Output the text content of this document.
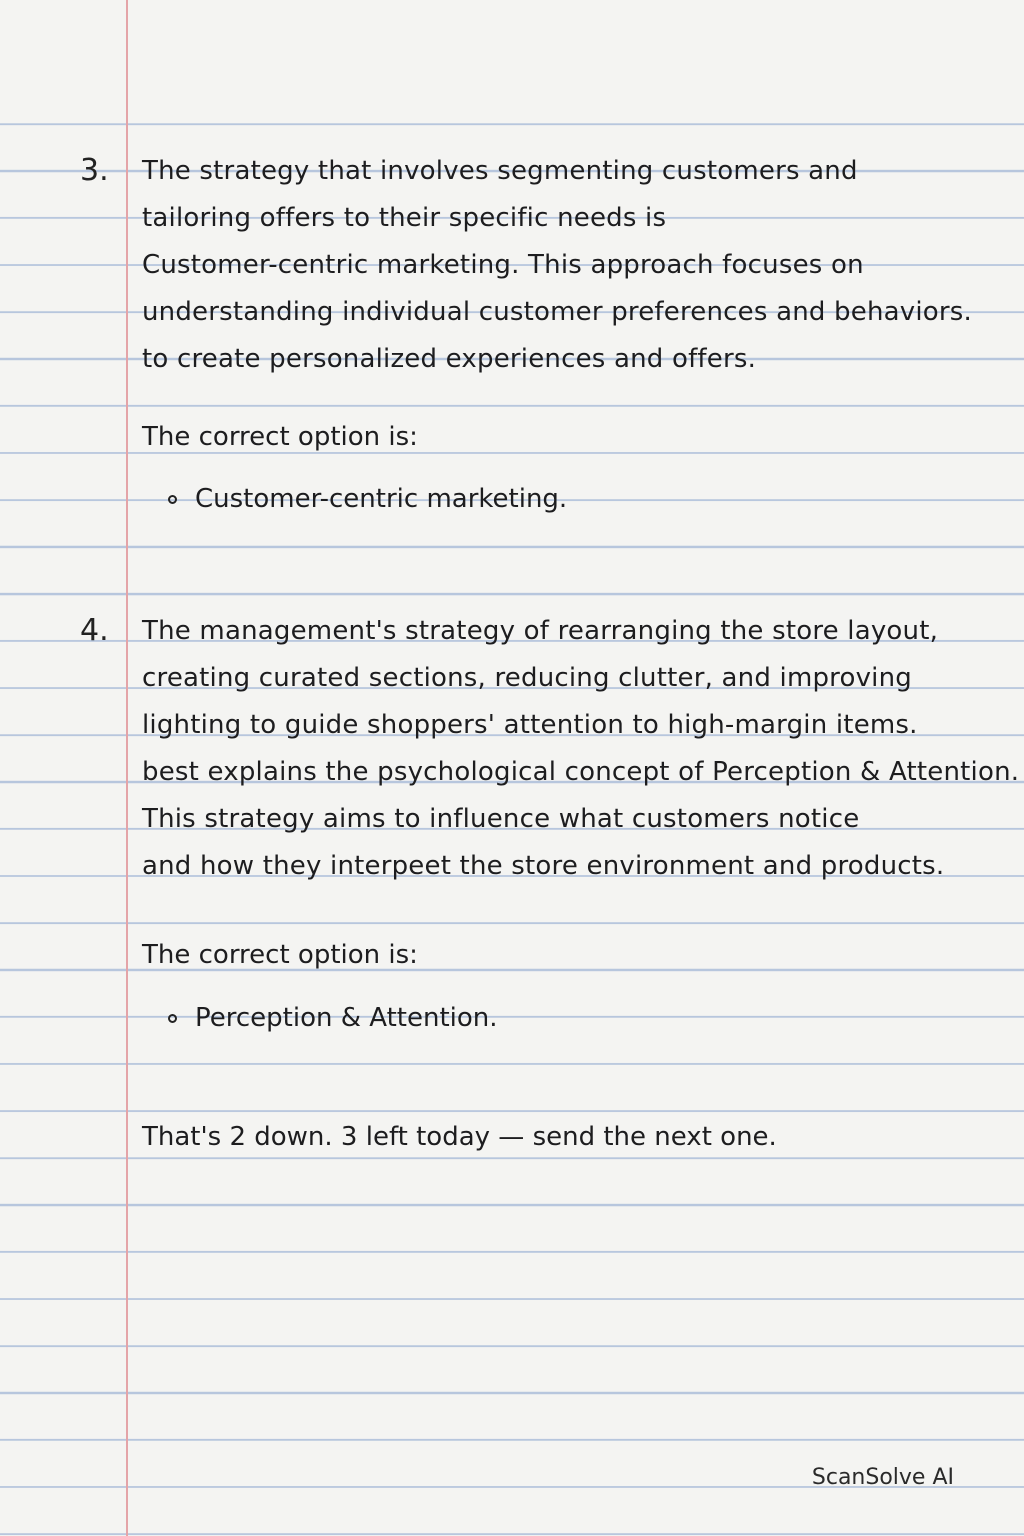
3. The strategy that involves segmenting customers and
tailoring offers to their specific needs is
Customer-centric marketing. This approach focuses on
understanding individual customer preferences and behaviors.
to create personalized experiences and offers.
The correct option is:
Customer-centric marketing.
4. The management's strategy of rearranging the store layout,
creating curated sections, reducing clutter, and improving
lighting to guide shoppers' attention to high-margin items.
best explains the psychological concept of Perception & Attention.
This strategy aims to influence what customers notice
and how they interpeet the store environment and products.
The correct option is:
Perception & Attention.
That's 2 down. 3 left today — send the next one.
ScanSolve AI
